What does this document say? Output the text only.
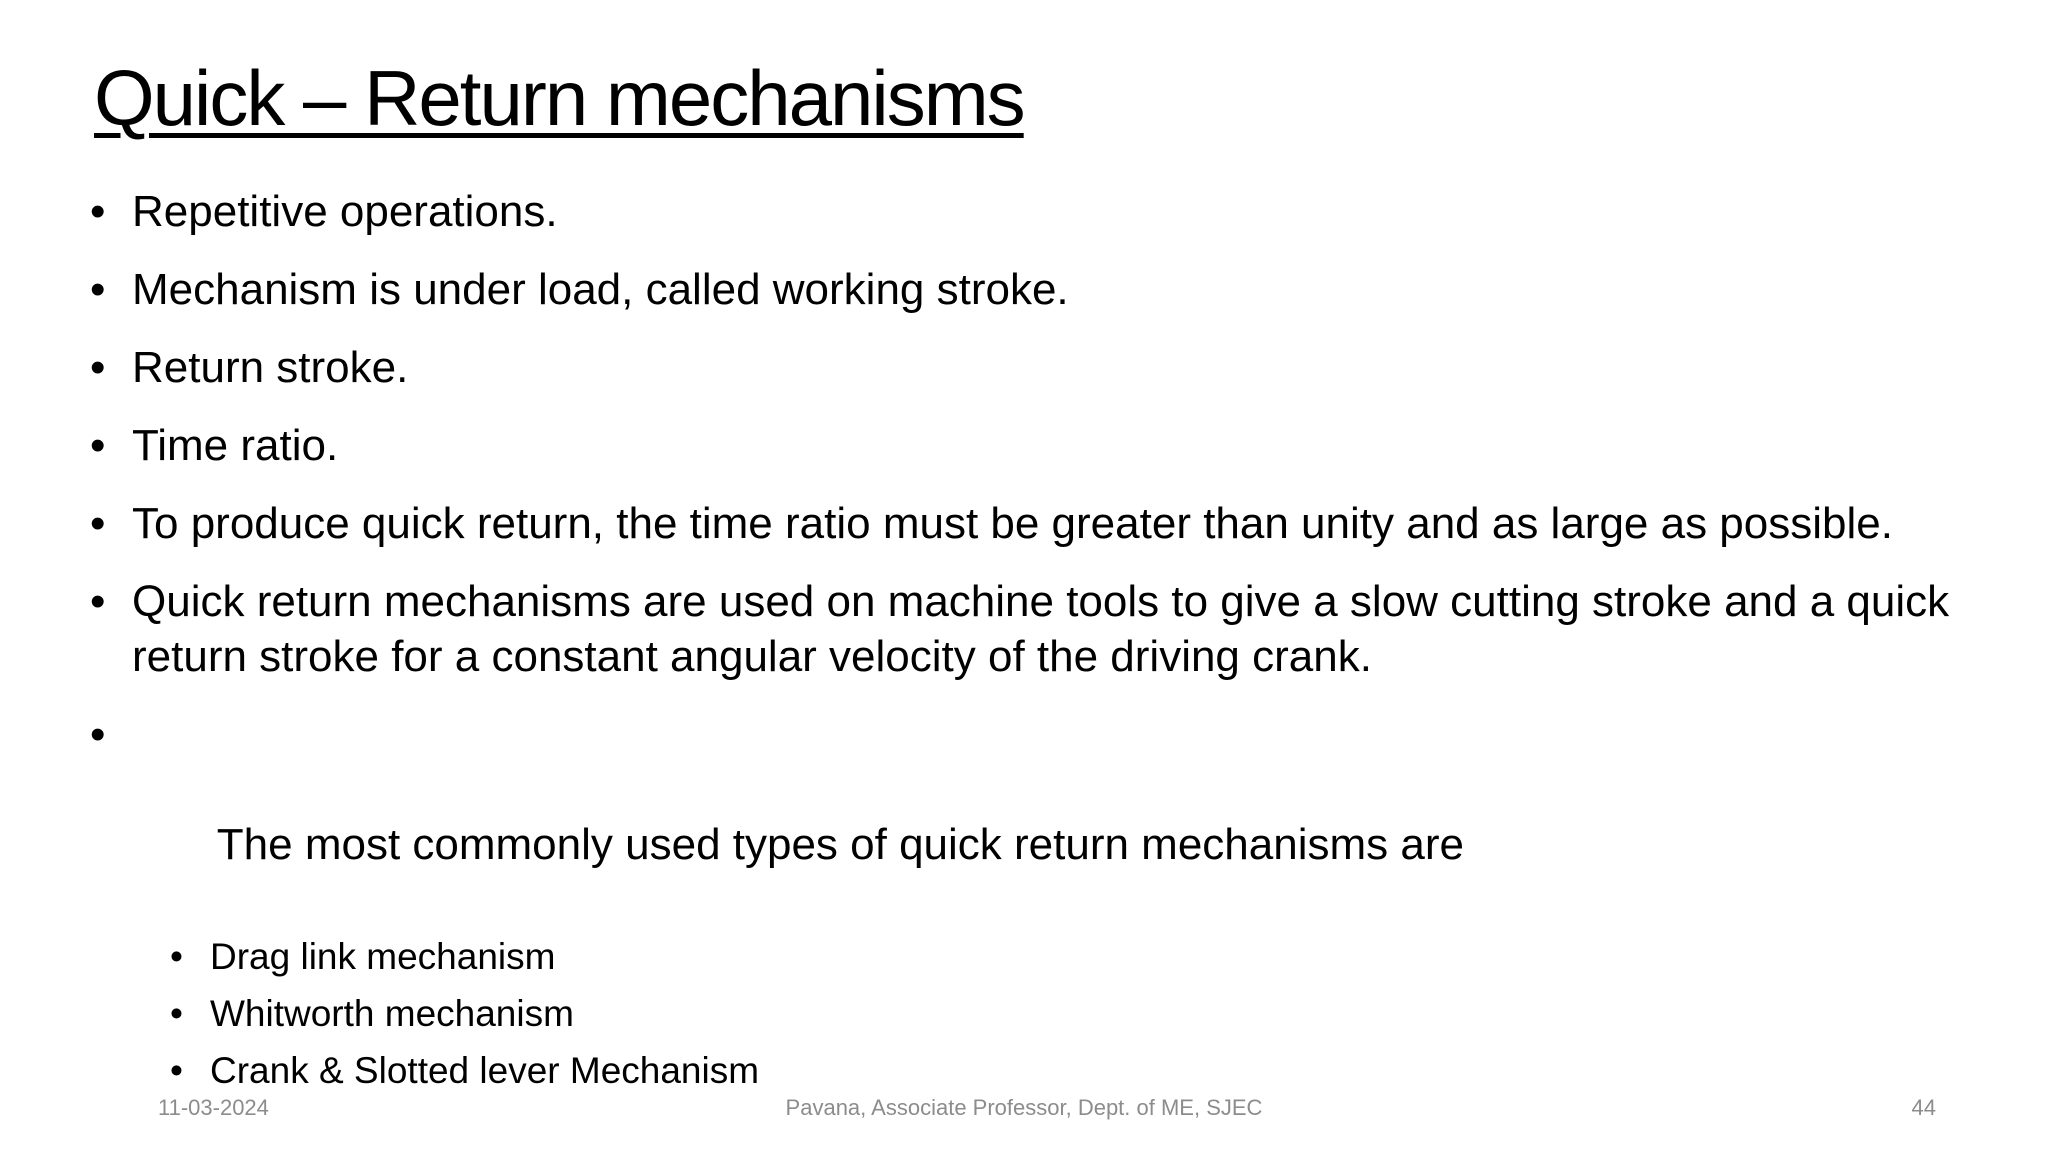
Quick – Return mechanisms
• Repetitive operations.
• Mechanism is under load, called working stroke.
• Return stroke.
• Time ratio.
• To produce quick return, the time ratio must be greater than unity and as large as possible.
• Quick return mechanisms are used on machine tools to give a slow cutting stroke and a quick return stroke for a constant angular velocity of the driving crank.

•

The most commonly used types of quick return mechanisms are

• Drag link mechanism
• Whitworth mechanism
• Crank & Slotted lever Mechanism
Pavana, Associate Professor, Dept. of ME, SJEC
11-03-2024	44
